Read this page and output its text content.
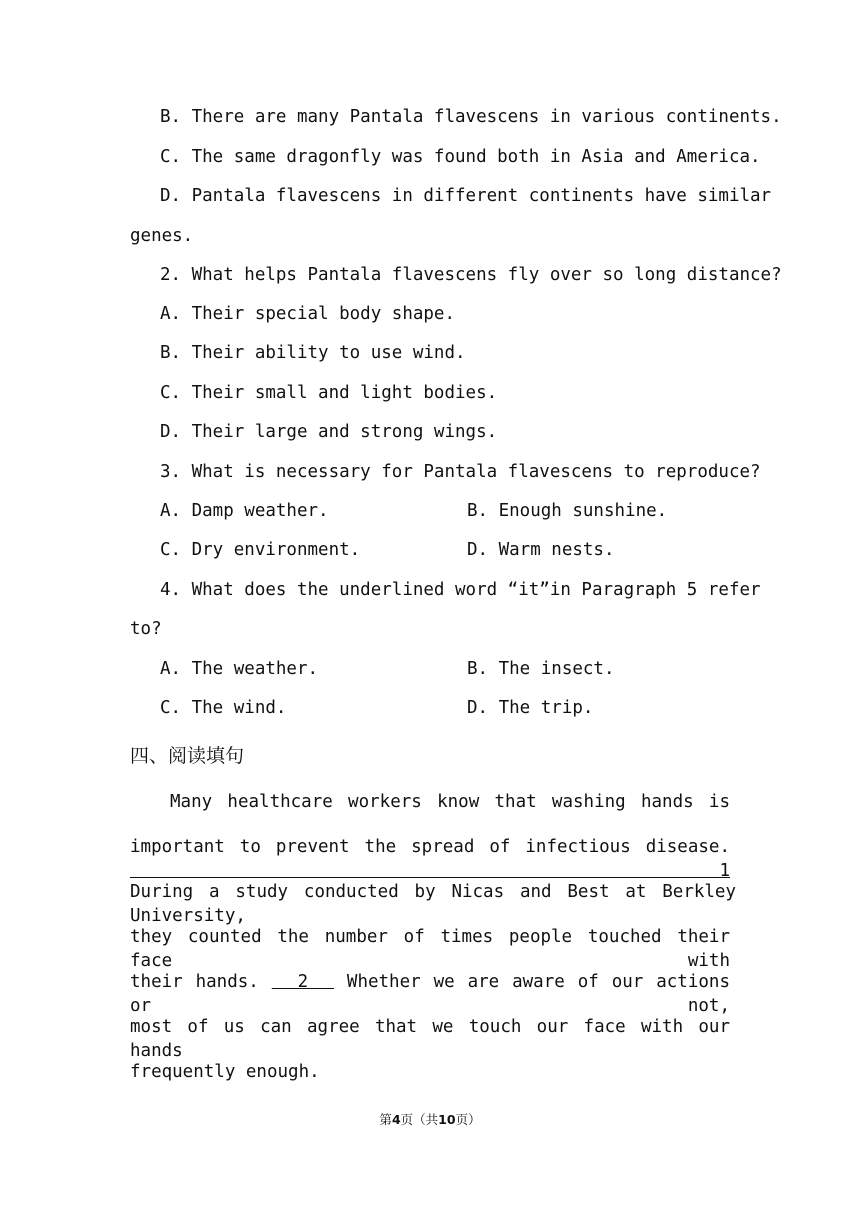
B. There are many Pantala flavescens in various continents.

C. The same dragonfly was found both in Asia and America.

D. Pantala flavescens in different continents have similar

genes.

2. What helps Pantala flavescens fly over so long distance?

A. Their special body shape.

B. Their ability to use wind.

C. Their small and light bodies.

D. Their large and strong wings.

3. What is necessary for Pantala flavescens to reproduce?

A. Damp weather.	B. Enough sunshine.

C. Dry environment.	D. Warm nests.

4. What does the underlined word “it”in Paragraph 5 refer

to?

A. The weather.	B. The insect.

C. The wind.	D. The trip.

四、阅读填句

Many healthcare workers know that washing hands is

important to prevent the spread of infectious disease.   1

During a study conducted by Nicas and Best at Berkley University,

they counted the number of times people touched their face with

their hands.   2   Whether we are aware of our actions or not,

most of us can agree that we touch our face with our hands

frequently enough.

第4页（共10页）
